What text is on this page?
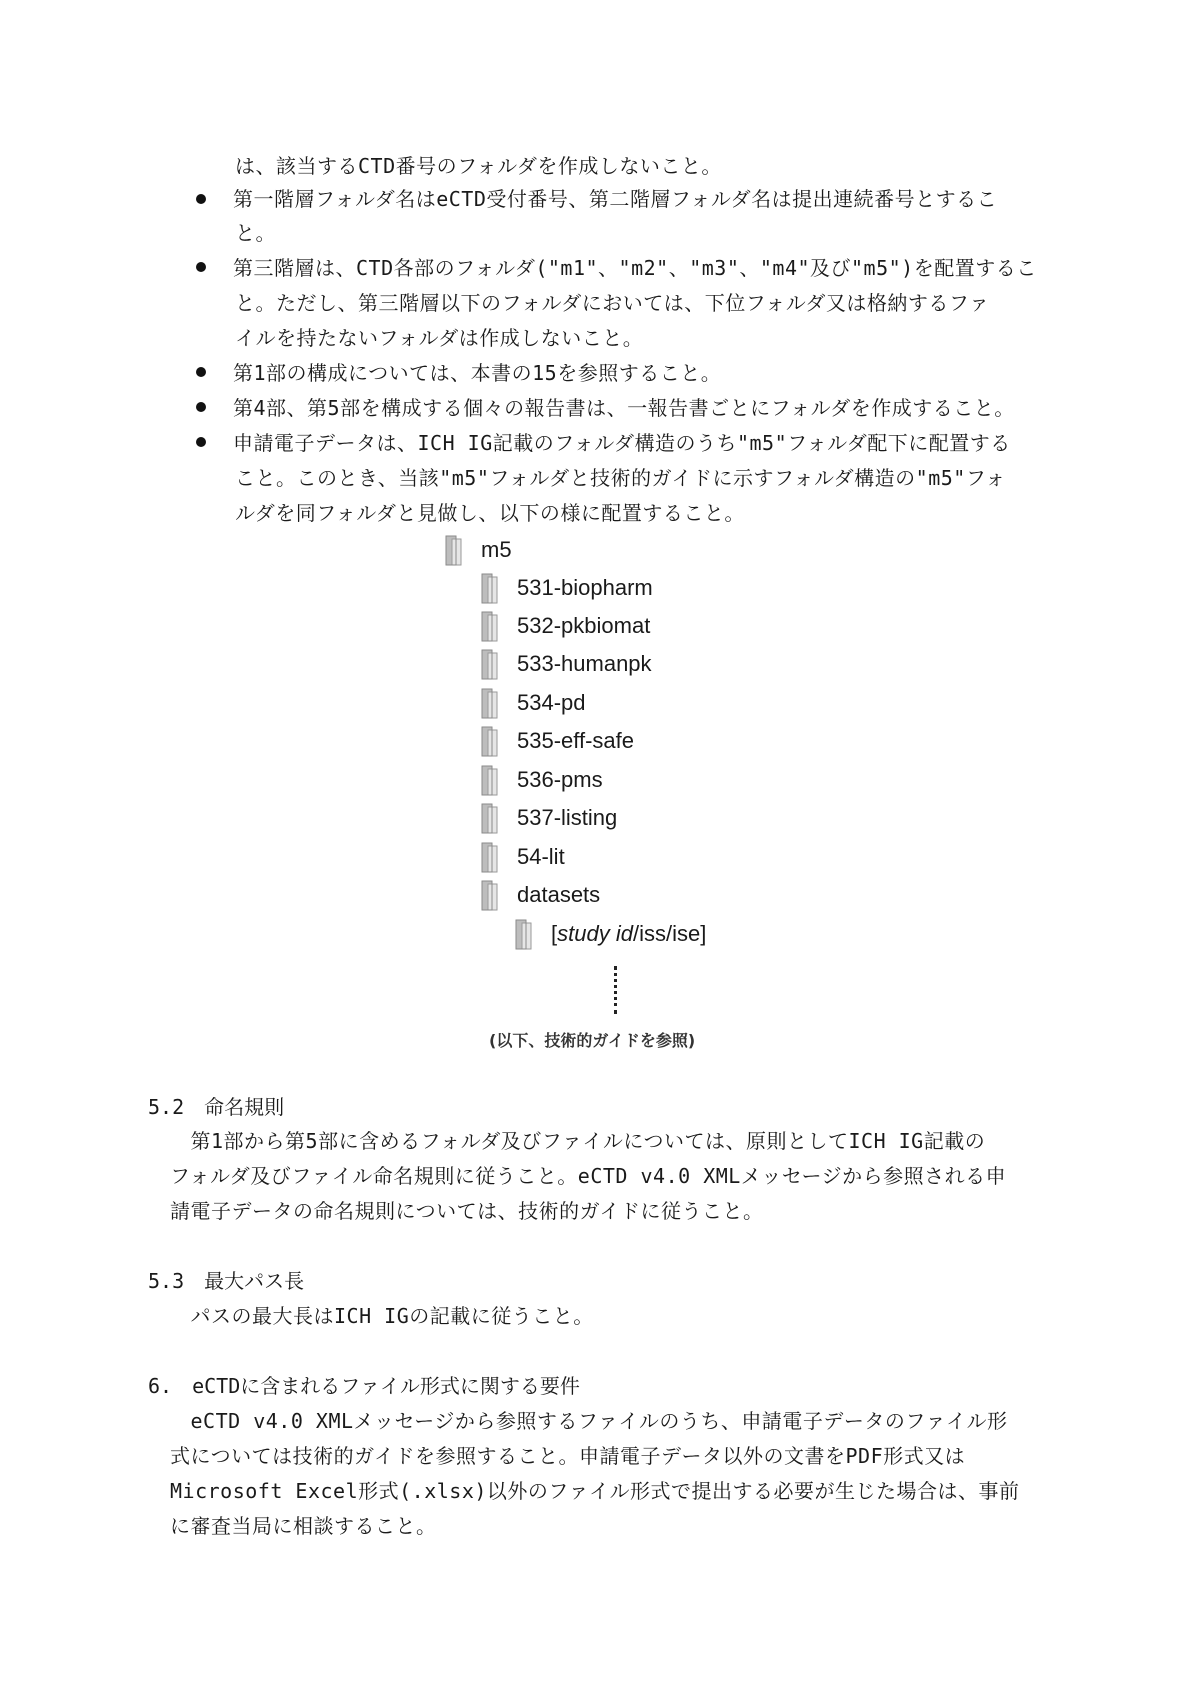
は、該当するCTD番号のフォルダを作成しないこと。
第一階層フォルダ名はeCTD受付番号、第二階層フォルダ名は提出連続番号とするこ
と。
第三階層は、CTD各部のフォルダ("m1"、"m2"、"m3"、"m4"及び"m5")を配置するこ
と。ただし、第三階層以下のフォルダにおいては、下位フォルダ又は格納するファ
イルを持たないフォルダは作成しないこと。
第1部の構成については、本書の15を参照すること。
第4部、第5部を構成する個々の報告書は、一報告書ごとにフォルダを作成すること。
申請電子データは、ICH IG記載のフォルダ構造のうち"m5"フォルダ配下に配置する
こと。このとき、当該"m5"フォルダと技術的ガイドに示すフォルダ構造の"m5"フォ
ルダを同フォルダと見做し、以下の様に配置すること。
m5
531-biopharm
532-pkbiomat
533-humanpk
534-pd
535-eff-safe
536-pms
537-listing
54-lit
datasets
[study id/iss/ise]
(以下、技術的ガイドを参照)
5.2　命名規則
　第1部から第5部に含めるフォルダ及びファイルについては、原則としてICH IG記載の
フォルダ及びファイル命名規則に従うこと。eCTD v4.0 XMLメッセージから参照される申
請電子データの命名規則については、技術的ガイドに従うこと。
5.3　最大パス長
　パスの最大長はICH IGの記載に従うこと。
6.　eCTDに含まれるファイル形式に関する要件
　eCTD v4.0 XMLメッセージから参照するファイルのうち、申請電子データのファイル形
式については技術的ガイドを参照すること。申請電子データ以外の文書をPDF形式又は
Microsoft Excel形式(.xlsx)以外のファイル形式で提出する必要が生じた場合は、事前
に審査当局に相談すること。
